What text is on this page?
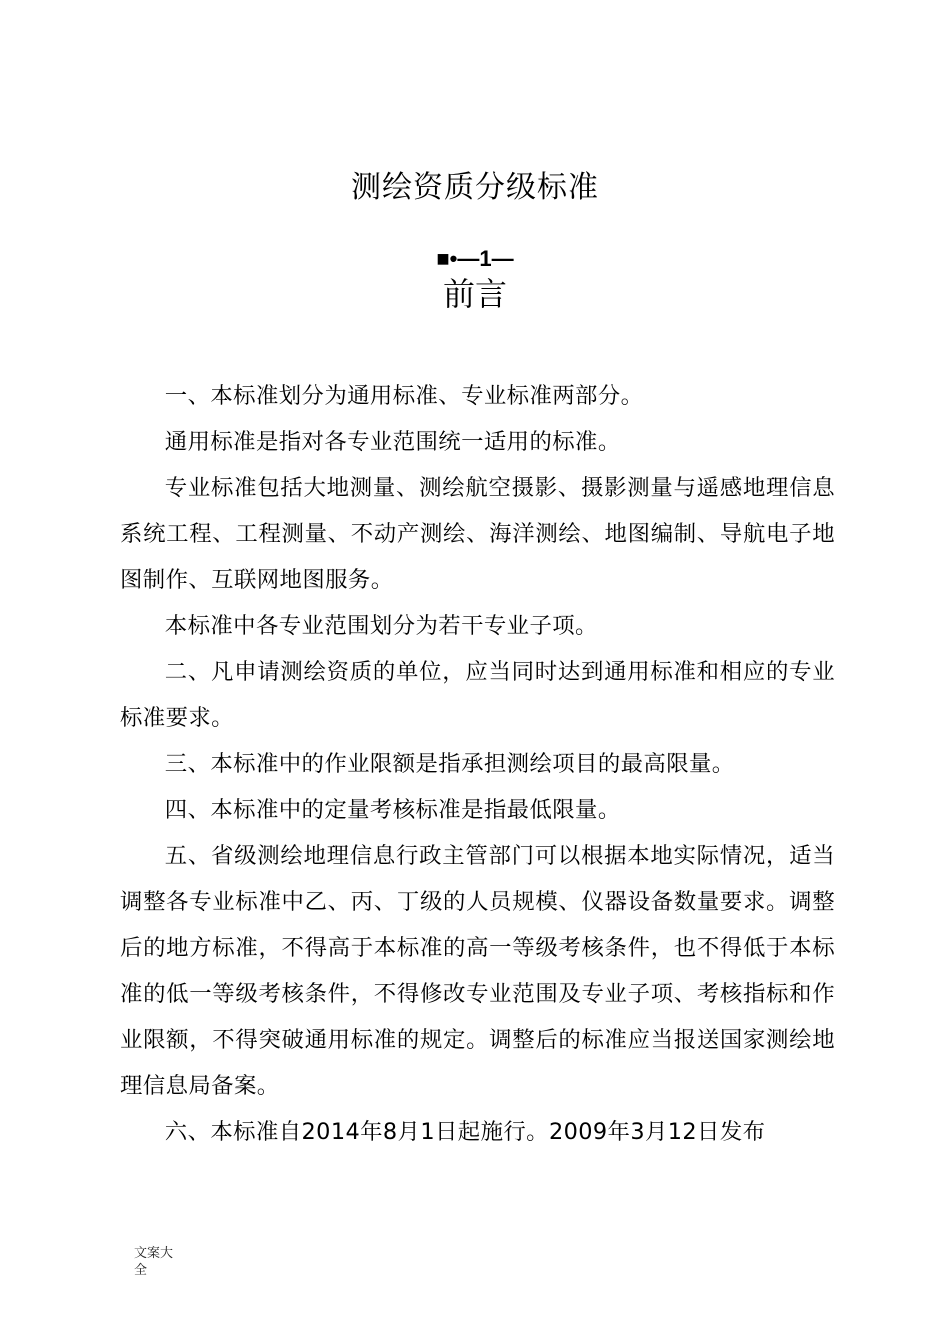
测绘资质分级标准
■•—1—
前言

一、本标准划分为通用标准、专业标准两部分。

通用标准是指对各专业范围统一适用的标准。

专业标准包括大地测量、测绘航空摄影、摄影测量与遥感地理信息系统工程、工程测量、不动产测绘、海洋测绘、地图编制、导航电子地图制作、互联网地图服务。

本标准中各专业范围划分为若干专业子项。

二、凡申请测绘资质的单位，应当同时达到通用标准和相应的专业标准要求。

三、本标准中的作业限额是指承担测绘项目的最高限量。

四、本标准中的定量考核标准是指最低限量。

五、省级测绘地理信息行政主管部门可以根据本地实际情况，适当调整各专业标准中乙、丙、丁级的人员规模、仪器设备数量要求。调整后的地方标准，不得高于本标准的高一等级考核条件，也不得低于本标准的低一等级考核条件，不得修改专业范围及专业子项、考核指标和作业限额，不得突破通用标准的规定。调整后的标准应当报送国家测绘地理信息局备案。

六、本标准自2014年8月1日起施行。2009年3月12日发布

文案大
全
